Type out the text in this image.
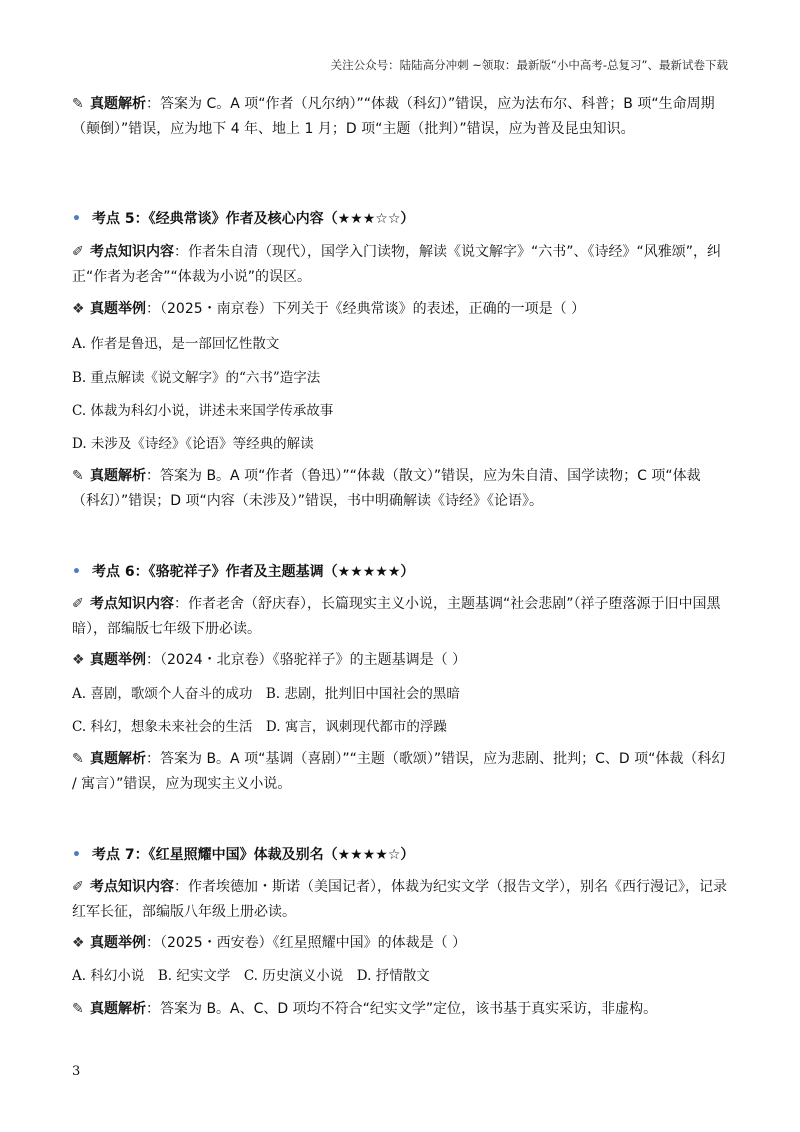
关注公众号：陆陆高分冲刺 ~领取：最新版“小中高考-总复习”、最新试卷下载

✎ 真题解析：答案为 C。A 项“作者（凡尔纳）”“体裁（科幻）”错误，应为法布尔、科普；B 项“生命周期（颠倒）”错误，应为地下 4 年、地上 1 月；D 项“主题（批判）”错误，应为普及昆虫知识。

• 考点 5：《经典常谈》作者及核心内容（★★★☆☆）

✐ 考点知识内容：作者朱自清（现代），国学入门读物，解读《说文解字》“六书”、《诗经》“风雅颂”，纠正“作者为老舍”“体裁为小说”的误区。

❖ 真题举例：（2025・南京卷）下列关于《经典常谈》的表述，正确的一项是（ ）

A. 作者是鲁迅，是一部回忆性散文
B. 重点解读《说文解字》的“六书”造字法
C. 体裁为科幻小说，讲述未来国学传承故事
D. 未涉及《诗经》《论语》等经典的解读

✎ 真题解析：答案为 B。A 项“作者（鲁迅）”“体裁（散文）”错误，应为朱自清、国学读物；C 项“体裁（科幻）”错误；D 项“内容（未涉及）”错误，书中明确解读《诗经》《论语》。

• 考点 6：《骆驼祥子》作者及主题基调（★★★★★）

✐ 考点知识内容：作者老舍（舒庆春），长篇现实主义小说，主题基调“社会悲剧”（祥子堕落源于旧中国黑暗），部编版七年级下册必读。

❖ 真题举例：（2024・北京卷）《骆驼祥子》的主题基调是（ ）

A. 喜剧，歌颂个人奋斗的成功　B. 悲剧，批判旧中国社会的黑暗
C. 科幻，想象未来社会的生活　D. 寓言，讽刺现代都市的浮躁

✎ 真题解析：答案为 B。A 项“基调（喜剧）”“主题（歌颂）”错误，应为悲剧、批判；C、D 项“体裁（科幻 / 寓言）”错误，应为现实主义小说。

• 考点 7：《红星照耀中国》体裁及别名（★★★★☆）

✐ 考点知识内容：作者埃德加・斯诺（美国记者），体裁为纪实文学（报告文学），别名《西行漫记》，记录红军长征，部编版八年级上册必读。

❖ 真题举例：（2025・西安卷）《红星照耀中国》的体裁是（ ）

A. 科幻小说　B. 纪实文学　C. 历史演义小说　D. 抒情散文

✎ 真题解析：答案为 B。A、C、D 项均不符合“纪实文学”定位，该书基于真实采访，非虚构。

3
